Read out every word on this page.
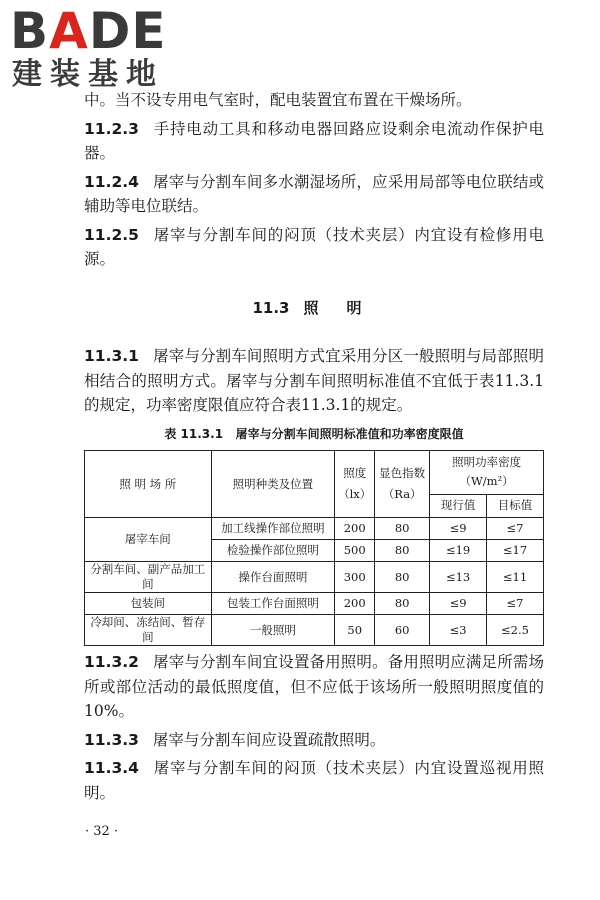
BADE
建装基地

中。当不设专用电气室时，配电装置宜布置在干燥场所。

11.2.3 手持电动工具和移动电器回路应设剩余电流动作保护电器。

11.2.4 屠宰与分割车间多水潮湿场所，应采用局部等电位联结或辅助等电位联结。

11.2.5 屠宰与分割车间的闷顶（技术夹层）内宜设有检修用电源。

11.3 照 明

11.3.1 屠宰与分割车间照明方式宜采用分区一般照明与局部照明相结合的照明方式。屠宰与分割车间照明标准值不宜低于表11.3.1的规定，功率密度限值应符合表11.3.1的规定。

表 11.3.1 屠宰与分割车间照明标准值和功率密度限值
照 明 场 所	照明种类及位置	照度（lx）	显色指数（Ra）	照明功率密度（W/m²）	
				现行值	目标值
屠宰车间	加工线操作部位照明	200	80	≤9	≤7
	检验操作部位照明	500	80	≤19	≤17
分割车间、副产品加工间	操作台面照明	300	80	≤13	≤11
包装间	包装工作台面照明	200	80	≤9	≤7
冷却间、冻结间、暂存间	一般照明	50	60	≤3	≤2.5

11.3.2 屠宰与分割车间宜设置备用照明。备用照明应满足所需场所或部位活动的最低照度值，但不应低于该场所一般照明照度值的10%。

11.3.3 屠宰与分割车间应设置疏散照明。

11.3.4 屠宰与分割车间的闷顶（技术夹层）内宜设置巡视用照明。

· 32 ·
